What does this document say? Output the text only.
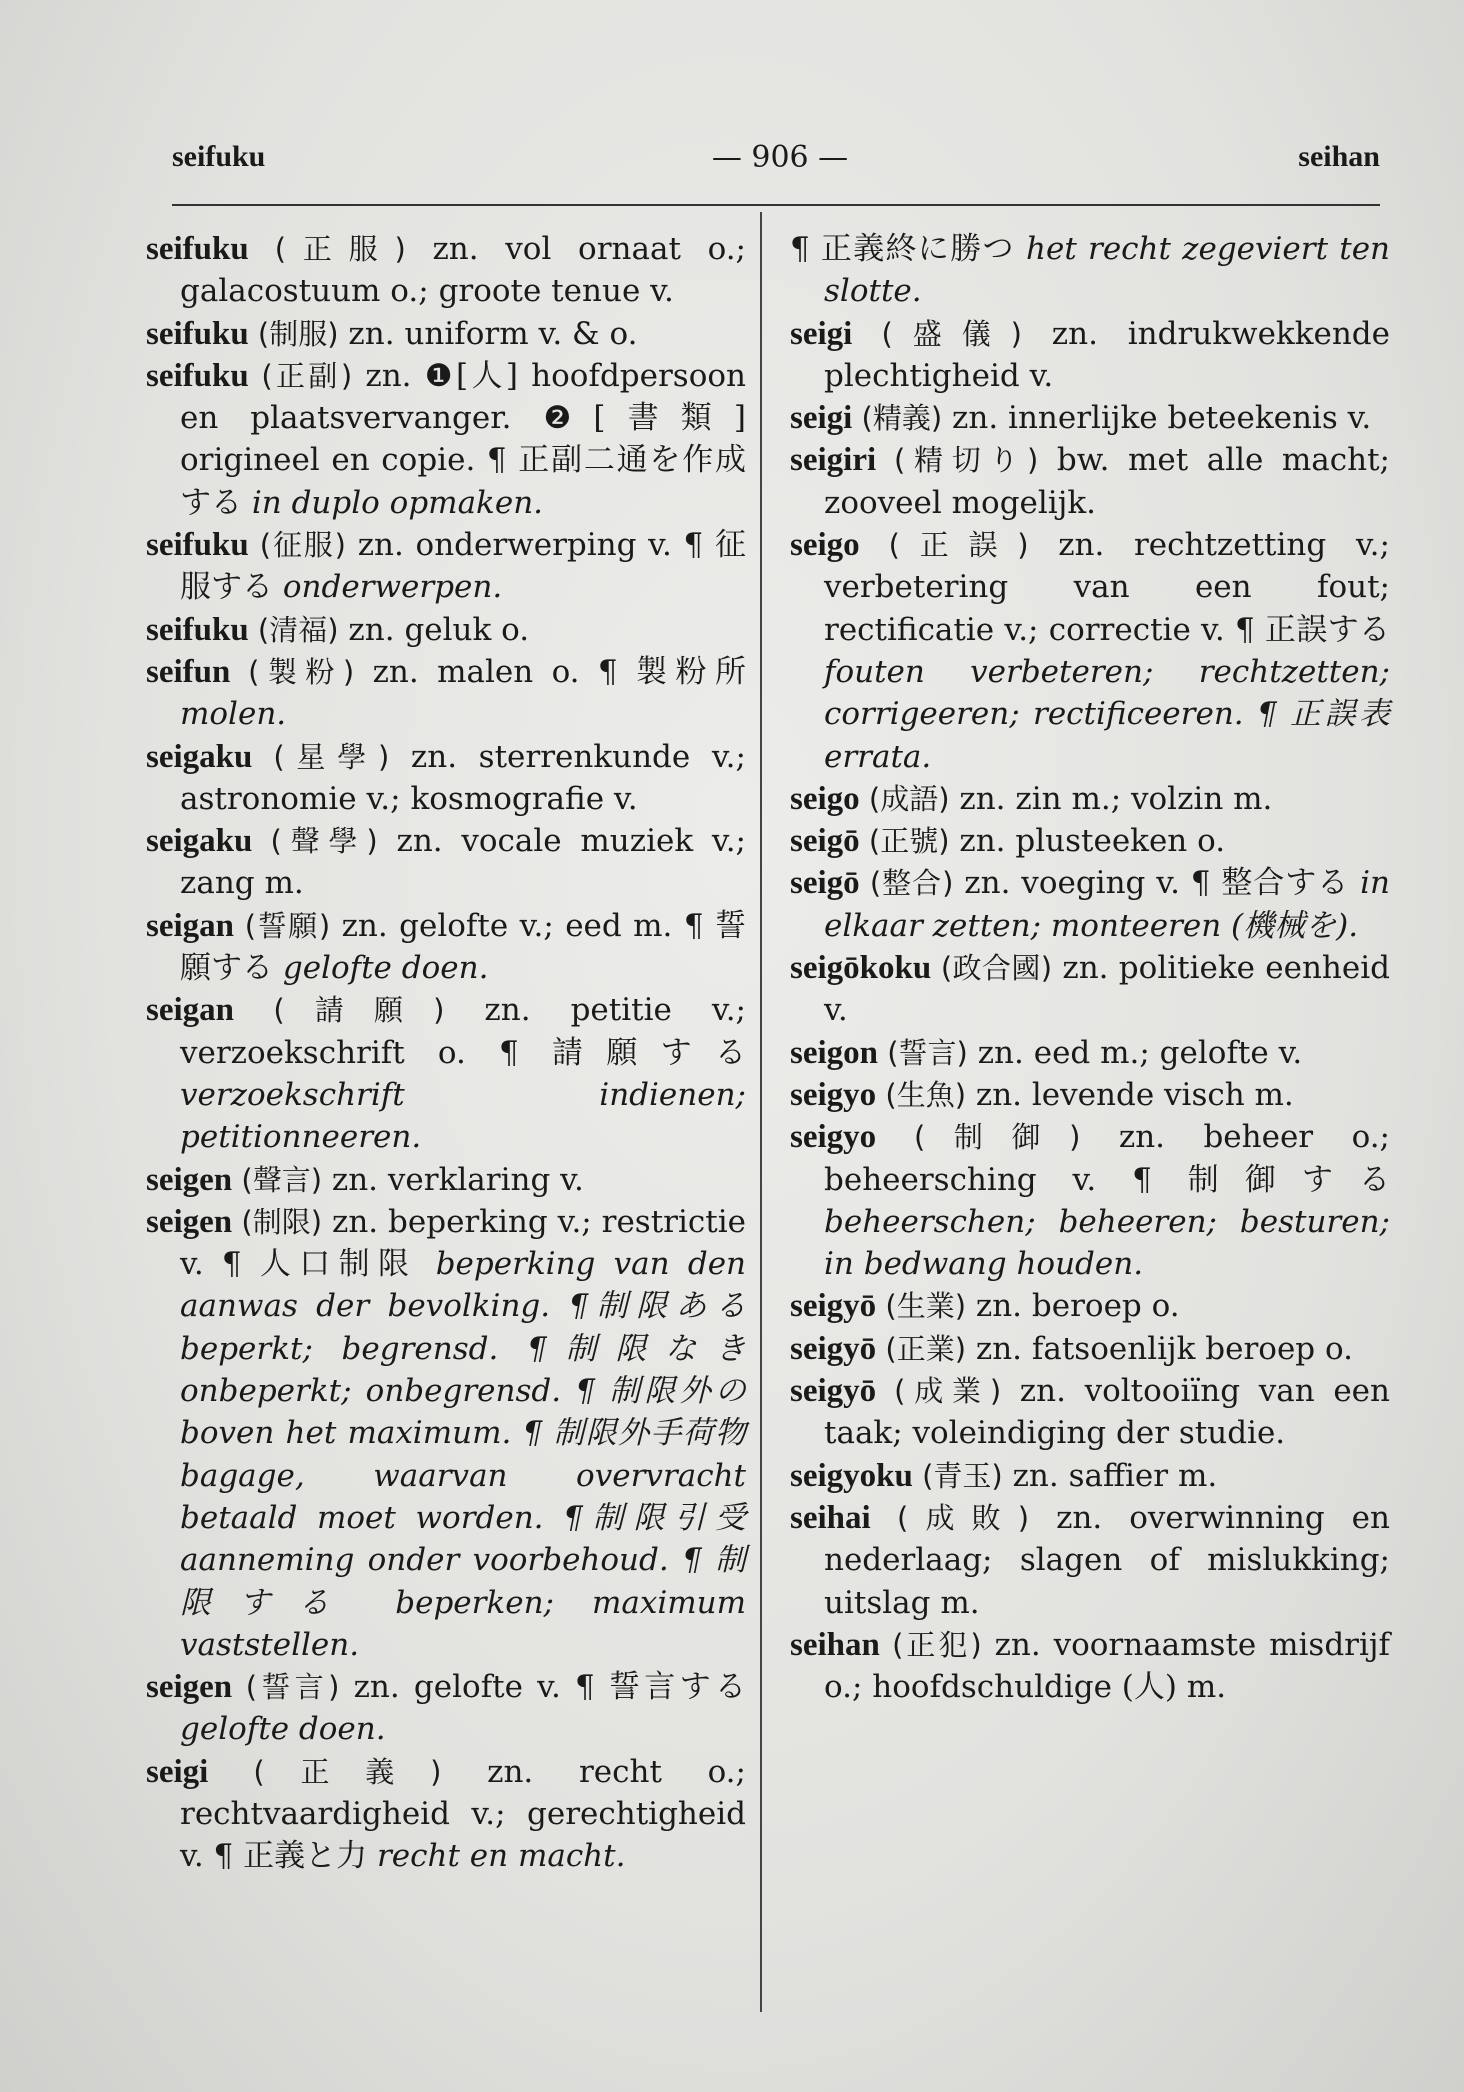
seifuku	— 906 —	seihan

seifuku (正服) zn. vol ornaat o.; galacostuum o.; groote tenue v.

seifuku (制服) zn. uniform v. & o.

seifuku (正副) zn. ❶[人] hoofdpersoon en plaatsvervanger. ❷[書類] origineel en copie. ¶ 正副二通を作成する in duplo opmaken.

seifuku (征服) zn. onderwerping v. ¶ 征服する onderwerpen.

seifuku (清福) zn. geluk o.

seifun (製粉) zn. malen o. ¶ 製粉所 molen.

seigaku (星學) zn. sterrenkunde v.; astronomie v.; kosmografie v.

seigaku (聲學) zn. vocale muziek v.; zang m.

seigan (誓願) zn. gelofte v.; eed m. ¶ 誓願する gelofte doen.

seigan (請願) zn. petitie v.; verzoekschrift o. ¶ 請願する verzoekschrift indienen; petitionneeren.

seigen (聲言) zn. verklaring v.

seigen (制限) zn. beperking v.; restrictie v. ¶ 人口制限 beperking van den aanwas der bevolking. ¶制限ある beperkt; begrensd. ¶制限なき onbeperkt; onbegrensd. ¶ 制限外の boven het maximum. ¶ 制限外手荷物 bagage, waarvan overvracht betaald moet worden. ¶制限引受 aanneming onder voorbehoud. ¶ 制限する beperken; maximum vaststellen.

seigen (誓言) zn. gelofte v. ¶ 誓言する gelofte doen.

seigi (正義) zn. recht o.; rechtvaardigheid v.; gerechtigheid v. ¶ 正義と力 recht en macht.

¶ 正義終に勝つ het recht zegeviert ten slotte.

seigi (盛儀) zn. indrukwekkende plechtigheid v.

seigi (精義) zn. innerlijke beteekenis v.

seigiri (精切り) bw. met alle macht; zooveel mogelijk.

seigo (正誤) zn. rechtzetting v.; verbetering van een fout; rectificatie v.; correctie v. ¶ 正誤する fouten verbeteren; rechtzetten; corrigeeren; rectificeeren. ¶ 正誤表 errata.

seigo (成語) zn. zin m.; volzin m.

seigō (正號) zn. plusteeken o.

seigō (整合) zn. voeging v. ¶ 整合する in elkaar zetten; monteeren (機械を).

seigōkoku (政合國) zn. politieke eenheid v.

seigon (誓言) zn. eed m.; gelofte v.

seigyo (生魚) zn. levende visch m.

seigyo (制御) zn. beheer o.; beheersching v. ¶ 制御する beheerschen; beheeren; besturen; in bedwang houden.

seigyō (生業) zn. beroep o.

seigyō (正業) zn. fatsoenlijk beroep o.

seigyō (成業) zn. voltooiïng van een taak; voleindiging der studie.

seigyoku (青玉) zn. saffier m.

seihai (成敗) zn. overwinning en nederlaag; slagen of mislukking; uitslag m.

seihan (正犯) zn. voornaamste misdrijf o.; hoofdschuldige (人) m.
